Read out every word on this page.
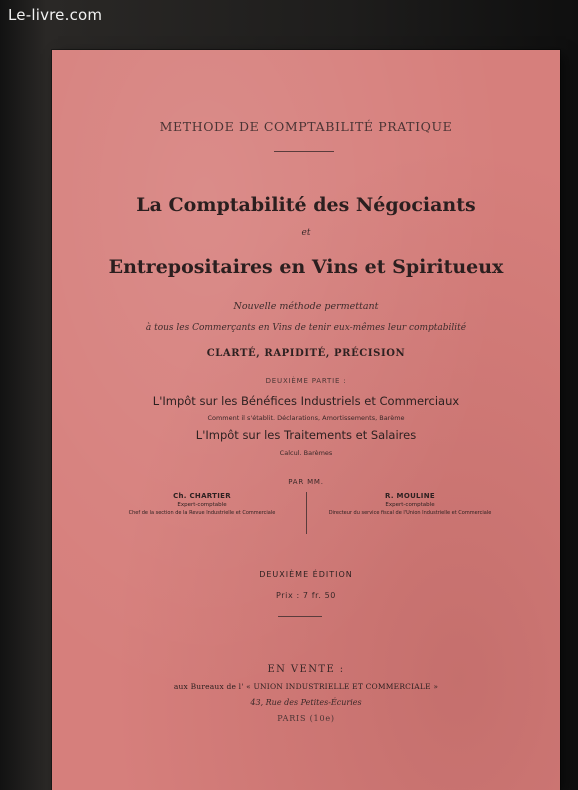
Le-livre.com
METHODE DE COMPTABILITÉ PRATIQUE
La Comptabilité des Négociants
et
Entrepositaires en Vins et Spiritueux
Nouvelle méthode permettant
à tous les Commerçants en Vins de tenir eux-mêmes leur comptabilité
CLARTÉ, RAPIDITÉ, PRÉCISION
DEUXIÈME PARTIE :
L'Impôt sur les Bénéfices Industriels et Commerciaux
Comment il s'établit. Déclarations, Amortissements, Barème
L'Impôt sur les Traitements et Salaires
Calcul. Barèmes
PAR MM.
Ch. CHARTIER
Expert-comptable
Chef de la section de la Revue Industrielle et Commerciale
R. MOULINE
Expert-comptable
Directeur du service fiscal de l'Union Industrielle et Commerciale
DEUXIÈME ÉDITION
Prix : 7 fr. 50
EN VENTE :
aux Bureaux de l' « UNION INDUSTRIELLE ET COMMERCIALE »
43, Rue des Petites-Écuries
PARIS (10e)
